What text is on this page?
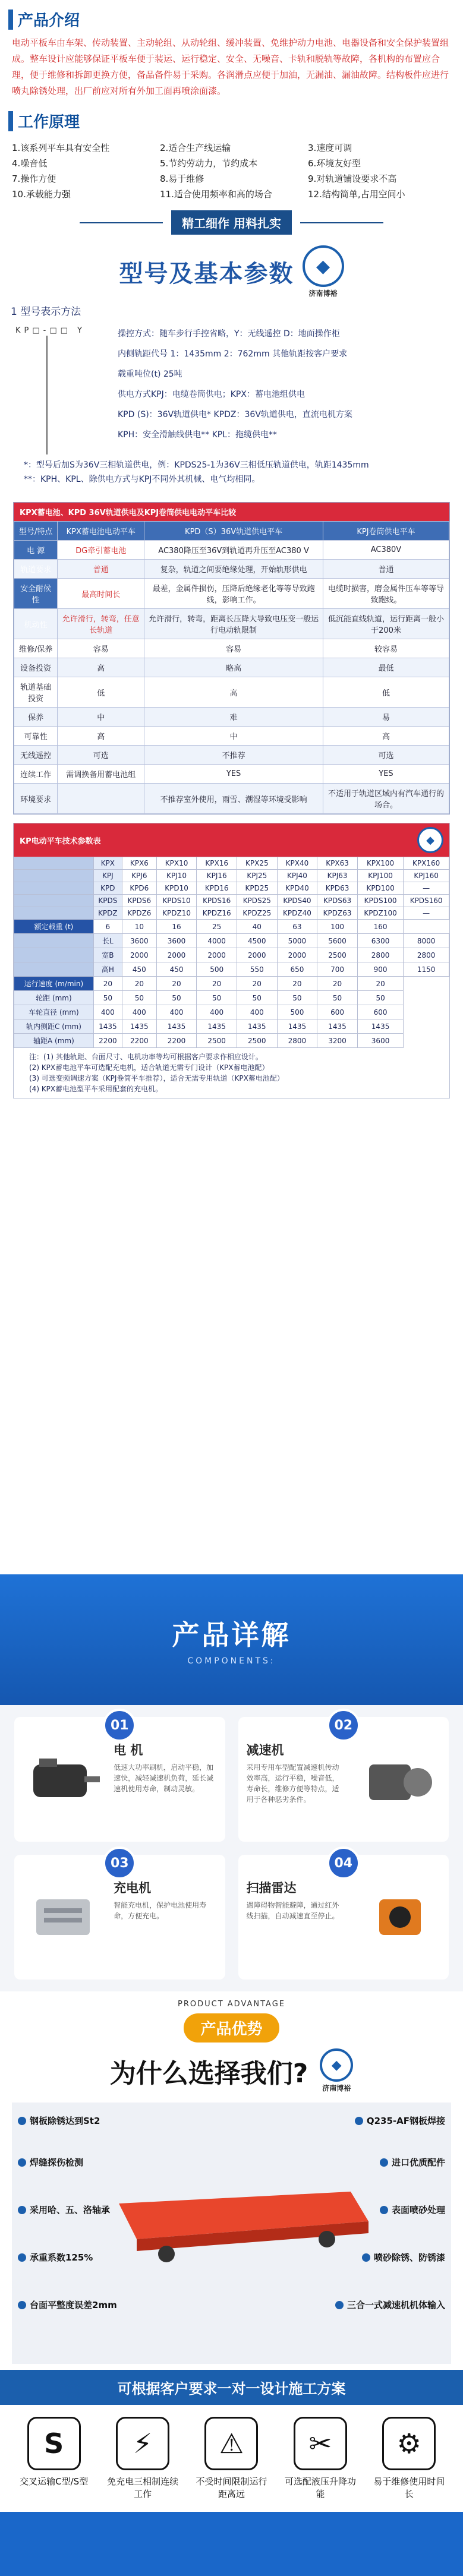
产品介绍

电动平板车由车架、传动装置、主动轮组、从动轮组、缓冲装置、免维护动力电池、电器设备和安全保护装置组成。整车设计应能够保证平板车便于装运、运行稳定、安全、无噪音、卡轨和脱轨等故障，各机构的布置应合理，便于维修和拆卸更换方便，备品备件易于采购。各润滑点应便于加油，无漏油、漏油故障。结构板件应进行喷丸除锈处理，出厂前应对所有外加工面再喷涂面漆。

工作原理
1.该系列平车具有安全性	2.适合生产线运输	3.速度可调
4.噪音低	5.节约劳动力，节约成本	6.环境友好型
7.操作方便	8.易于维修	9.对轨道铺设要求不高
10.承载能力强	11.适合使用频率和高的场合	12.结构简单,占用空间小
精工细作 用料扎实
型号及基本参数	◆
济南博裕
1 型号表示方法
KP□-□□ Y	操控方式：随车步行手控省略，Y：无线遥控 D：地面操作柜
内侧轨距代号 1：1435mm 2：762mm 其他轨距按客户要求
载重吨位(t) 25吨
供电方式KPJ：电缆卷筒供电；KPX：蓄电池组供电
KPD (S)：36V轨道供电* KPDZ：36V轨道供电，直流电机方案
KPH：安全滑触线供电** KPL：拖缆供电**
*：型号后加S为36V三相轨道供电，例：KPDS25-1为36V三相低压轨道供电，轨距1435mm
**：KPH、KPL、除供电方式与KPJ不同外其机械、电气均相同。
KPX蓄电池、KPD 36V轨道供电及KPJ卷筒供电电动平车比较
型号/特点	KPX蓄电池电动平车	KPD（S）36V轨道供电平车	KPJ卷筒供电平车
电 源	DG牵引蓄电池	AC380降压至36V到轨道再升压至AC380 V	AC380V
轨道要求	普通	复杂，轨道之间要绝缘处理，开始轨形供电	普通
安全耐候性	最高时间长	最差，金属件损伤，压降后绝缘老化等等导致跑线，影响工作。	电缆时损害，磨金属件压车等等导致跑线。
机动性	允许滑行，转弯，任意长轨道	允许滑行，转弯，距离长压降大导致电压变一般运行电动轨限制	低沉能直线轨道，运行距离一般小于200米
维修/保养	容易	容易	较容易
设备投资	高	略高	最低
轨道基础投资	低	高	低
保养	中	难	易
可靠性	高	中	高
无线遥控	可选	不推荐	可选
连续工作	需调换备用蓄电池组	YES	YES
环境要求		不推荐室外使用，雨雪、潮湿等环境受影响	不适用于轨道区域内有汽车通行的场合。
KP电动平车技术参数表	◆
	KPX	KPX6	KPX10	KPX16	KPX25	KPX40	KPX63	KPX100	KPX160
	KPJ	KPJ6	KPJ10	KPJ16	KPJ25	KPJ40	KPJ63	KPJ100	KPJ160
	KPD	KPD6	KPD10	KPD16	KPD25	KPD40	KPD63	KPD100	—
	KPDS	KPDS6	KPDS10	KPDS16	KPDS25	KPDS40	KPDS63	KPDS100	KPDS160
	KPDZ	KPDZ6	KPDZ10	KPDZ16	KPDZ25	KPDZ40	KPDZ63	KPDZ100	—
额定载重 (t)	6	10	16	25	40	63	100	160	
	长L	3600	3600	4000	4500	5000	5600	6300	8000
	宽B	2000	2000	2000	2000	2000	2500	2800	2800
	高H	450	450	500	550	650	700	900	1150
运行速度 (m/min)	20	20	20	20	20	20	20	20	
轮距 (mm)	50	50	50	50	50	50	50	50	
车轮直径 (mm)	400	400	400	400	400	500	600	600	
轨内侧距C (mm)	1435	1435	1435	1435	1435	1435	1435	1435	
轴距A (mm)	2200	2200	2200	2500	2500	2800	3200	3600	
注：(1) 其他轨距、台面尺寸、电机功率等均可根据客户要求作相应设计。
(2) KPX蓄电池平车可选配充电机，适合轨道无需专门设计（KPX蓄电池配）
(3) 可选变频调速方案（KPJ卷筒平车推荐），适合无需专用轨道（KPX蓄电池配）
(4) KPX蓄电池型平车采用配套的充电机。
产品详解
COMPONENTS:
01
电 机
低速大功率刷机，启动平稳，加速快，减轻减速机负荷，延长减速机使用寿命，制动灵敏。
02
减速机
采用专用车型配置减速机传动效率高，运行平稳，噪音低，寿命长，维修方便等特点，适用于各种恶劣条件。
03
充电机
智能充电机，保护电池使用寿命，方便充电。
04
扫描雷达
遇障碍物智能避障，通过红外线扫描，自动减速直至停止。
PRODUCT ADVANTAGE
产品优势
为什么选择我们?	◆
济南博裕
钢板除锈达到St2
焊缝探伤检测
采用哈、五、洛轴承
承重系数125%
台面平整度误差2mm
Q235-AF钢板焊接
进口优质配件
表面喷砂处理
喷砂除锈、防锈漆
三合一式减速机机体输入
可根据客户要求一对一设计施工方案
S
交叉运输C型/S型
⚡
免充电三相制连续工作
⚠
不受时间限制运行距离远
✂
可选配液压升降功能
⚙
易于维修使用时间长
